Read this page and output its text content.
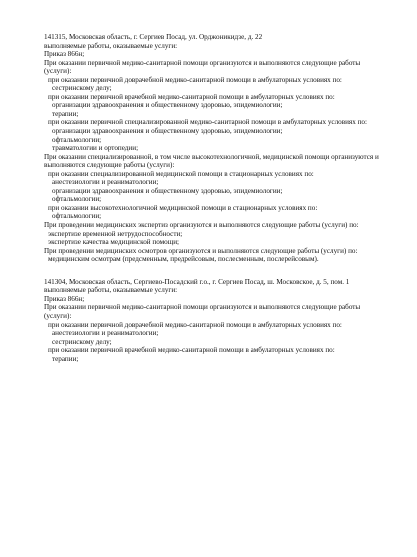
141315, Московская область, г. Сергиев Посад, ул. Орджоникидзе, д. 22
выполняемые работы, оказываемые услуги:
Приказ 866н;
При оказании первичной медико-санитарной помощи организуются и выполняются следующие работы (услуги):
при оказании первичной доврачебной медико-санитарной помощи в амбулаторных условиях по:
сестринскому делу;
при оказании первичной врачебной медико-санитарной помощи в амбулаторных условиях по:
организации здравоохранения и общественному здоровью, эпидемиологии;
терапии;
при оказании первичной специализированной медико-санитарной помощи в амбулаторных условиях по:
организации здравоохранения и общественному здоровью, эпидемиологии;
офтальмологии;
травматологии и ортопедии;
При оказании специализированной, в том числе высокотехнологичной, медицинской помощи организуются и выполняются следующие работы (услуги):
при оказании специализированной медицинской помощи в стационарных условиях по:
анестезиологии и реаниматологии;
организации здравоохранения и общественному здоровью, эпидемиологии;
офтальмологии;
при оказании высокотехнологичной медицинской помощи в стационарных условиях по:
офтальмологии;
При проведении медицинских экспертиз организуются и выполняются следующие работы (услуги) по:
экспертизе временной нетрудоспособности;
экспертизе качества медицинской помощи;
При проведении медицинских осмотров организуются и выполняются следующие работы (услуги) по:
медицинским осмотрам (предсменным, предрейсовым, послесменным, послерейсовым).
141304, Московская область, Сергиево-Посадский г.о., г. Сергиев Посад, ш. Московское, д. 5, пом. 1
выполняемые работы, оказываемые услуги:
Приказ 866н;
При оказании первичной медико-санитарной помощи организуются и выполняются следующие работы (услуги):
при оказании первичной доврачебной медико-санитарной помощи в амбулаторных условиях по:
анестезиологии и реаниматологии;
сестринскому делу;
при оказании первичной врачебной медико-санитарной помощи в амбулаторных условиях по:
терапии;
